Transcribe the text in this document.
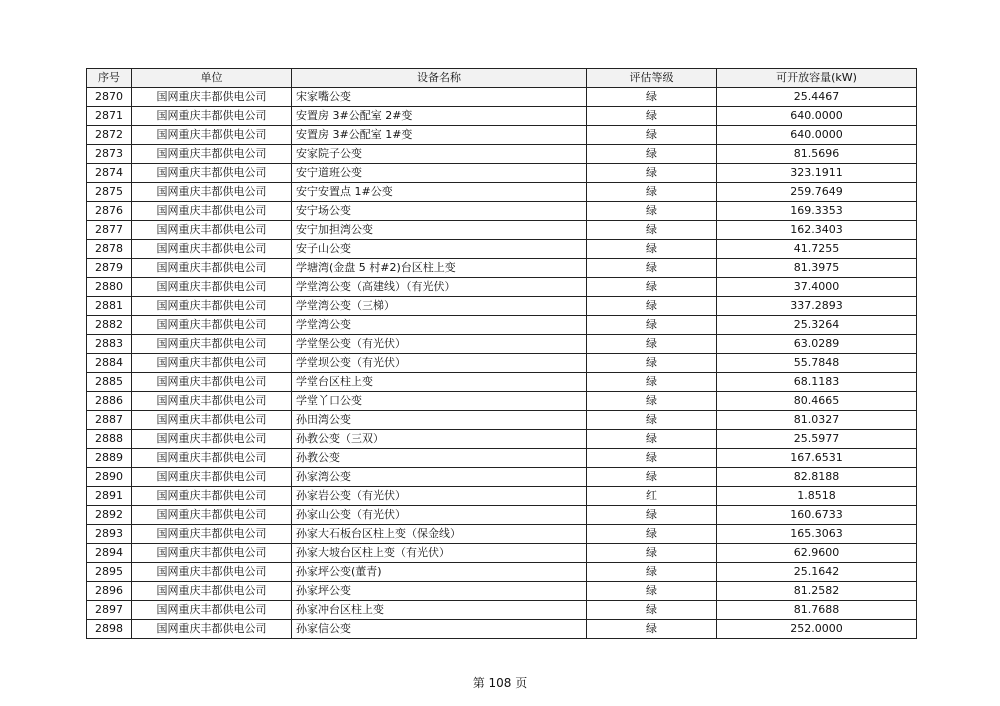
序号	单位	设备名称	评估等级	可开放容量(kW)
2870	国网重庆丰都供电公司	宋家嘴公变	绿	25.4467
2871	国网重庆丰都供电公司	安置房 3#公配室 2#变	绿	640.0000
2872	国网重庆丰都供电公司	安置房 3#公配室 1#变	绿	640.0000
2873	国网重庆丰都供电公司	安家院子公变	绿	81.5696
2874	国网重庆丰都供电公司	安宁道班公变	绿	323.1911
2875	国网重庆丰都供电公司	安宁安置点 1#公变	绿	259.7649
2876	国网重庆丰都供电公司	安宁场公变	绿	169.3353
2877	国网重庆丰都供电公司	安宁加担湾公变	绿	162.3403
2878	国网重庆丰都供电公司	安子山公变	绿	41.7255
2879	国网重庆丰都供电公司	学塘湾(金盘 5 村#2)台区柱上变	绿	81.3975
2880	国网重庆丰都供电公司	学堂湾公变（高建线）（有光伏）	绿	37.4000
2881	国网重庆丰都供电公司	学堂湾公变（三梯）	绿	337.2893
2882	国网重庆丰都供电公司	学堂湾公变	绿	25.3264
2883	国网重庆丰都供电公司	学堂堡公变（有光伏）	绿	63.0289
2884	国网重庆丰都供电公司	学堂坝公变（有光伏）	绿	55.7848
2885	国网重庆丰都供电公司	学堂台区柱上变	绿	68.1183
2886	国网重庆丰都供电公司	学堂丫口公变	绿	80.4665
2887	国网重庆丰都供电公司	孙田湾公变	绿	81.0327
2888	国网重庆丰都供电公司	孙教公变（三双）	绿	25.5977
2889	国网重庆丰都供电公司	孙教公变	绿	167.6531
2890	国网重庆丰都供电公司	孙家湾公变	绿	82.8188
2891	国网重庆丰都供电公司	孙家岩公变（有光伏）	红	1.8518
2892	国网重庆丰都供电公司	孙家山公变（有光伏）	绿	160.6733
2893	国网重庆丰都供电公司	孙家大石板台区柱上变（保金线）	绿	165.3063
2894	国网重庆丰都供电公司	孙家大坡台区柱上变（有光伏）	绿	62.9600
2895	国网重庆丰都供电公司	孙家坪公变(董青)	绿	25.1642
2896	国网重庆丰都供电公司	孙家坪公变	绿	81.2582
2897	国网重庆丰都供电公司	孙家冲台区柱上变	绿	81.7688
2898	国网重庆丰都供电公司	孙家信公变	绿	252.0000
第 108 页
